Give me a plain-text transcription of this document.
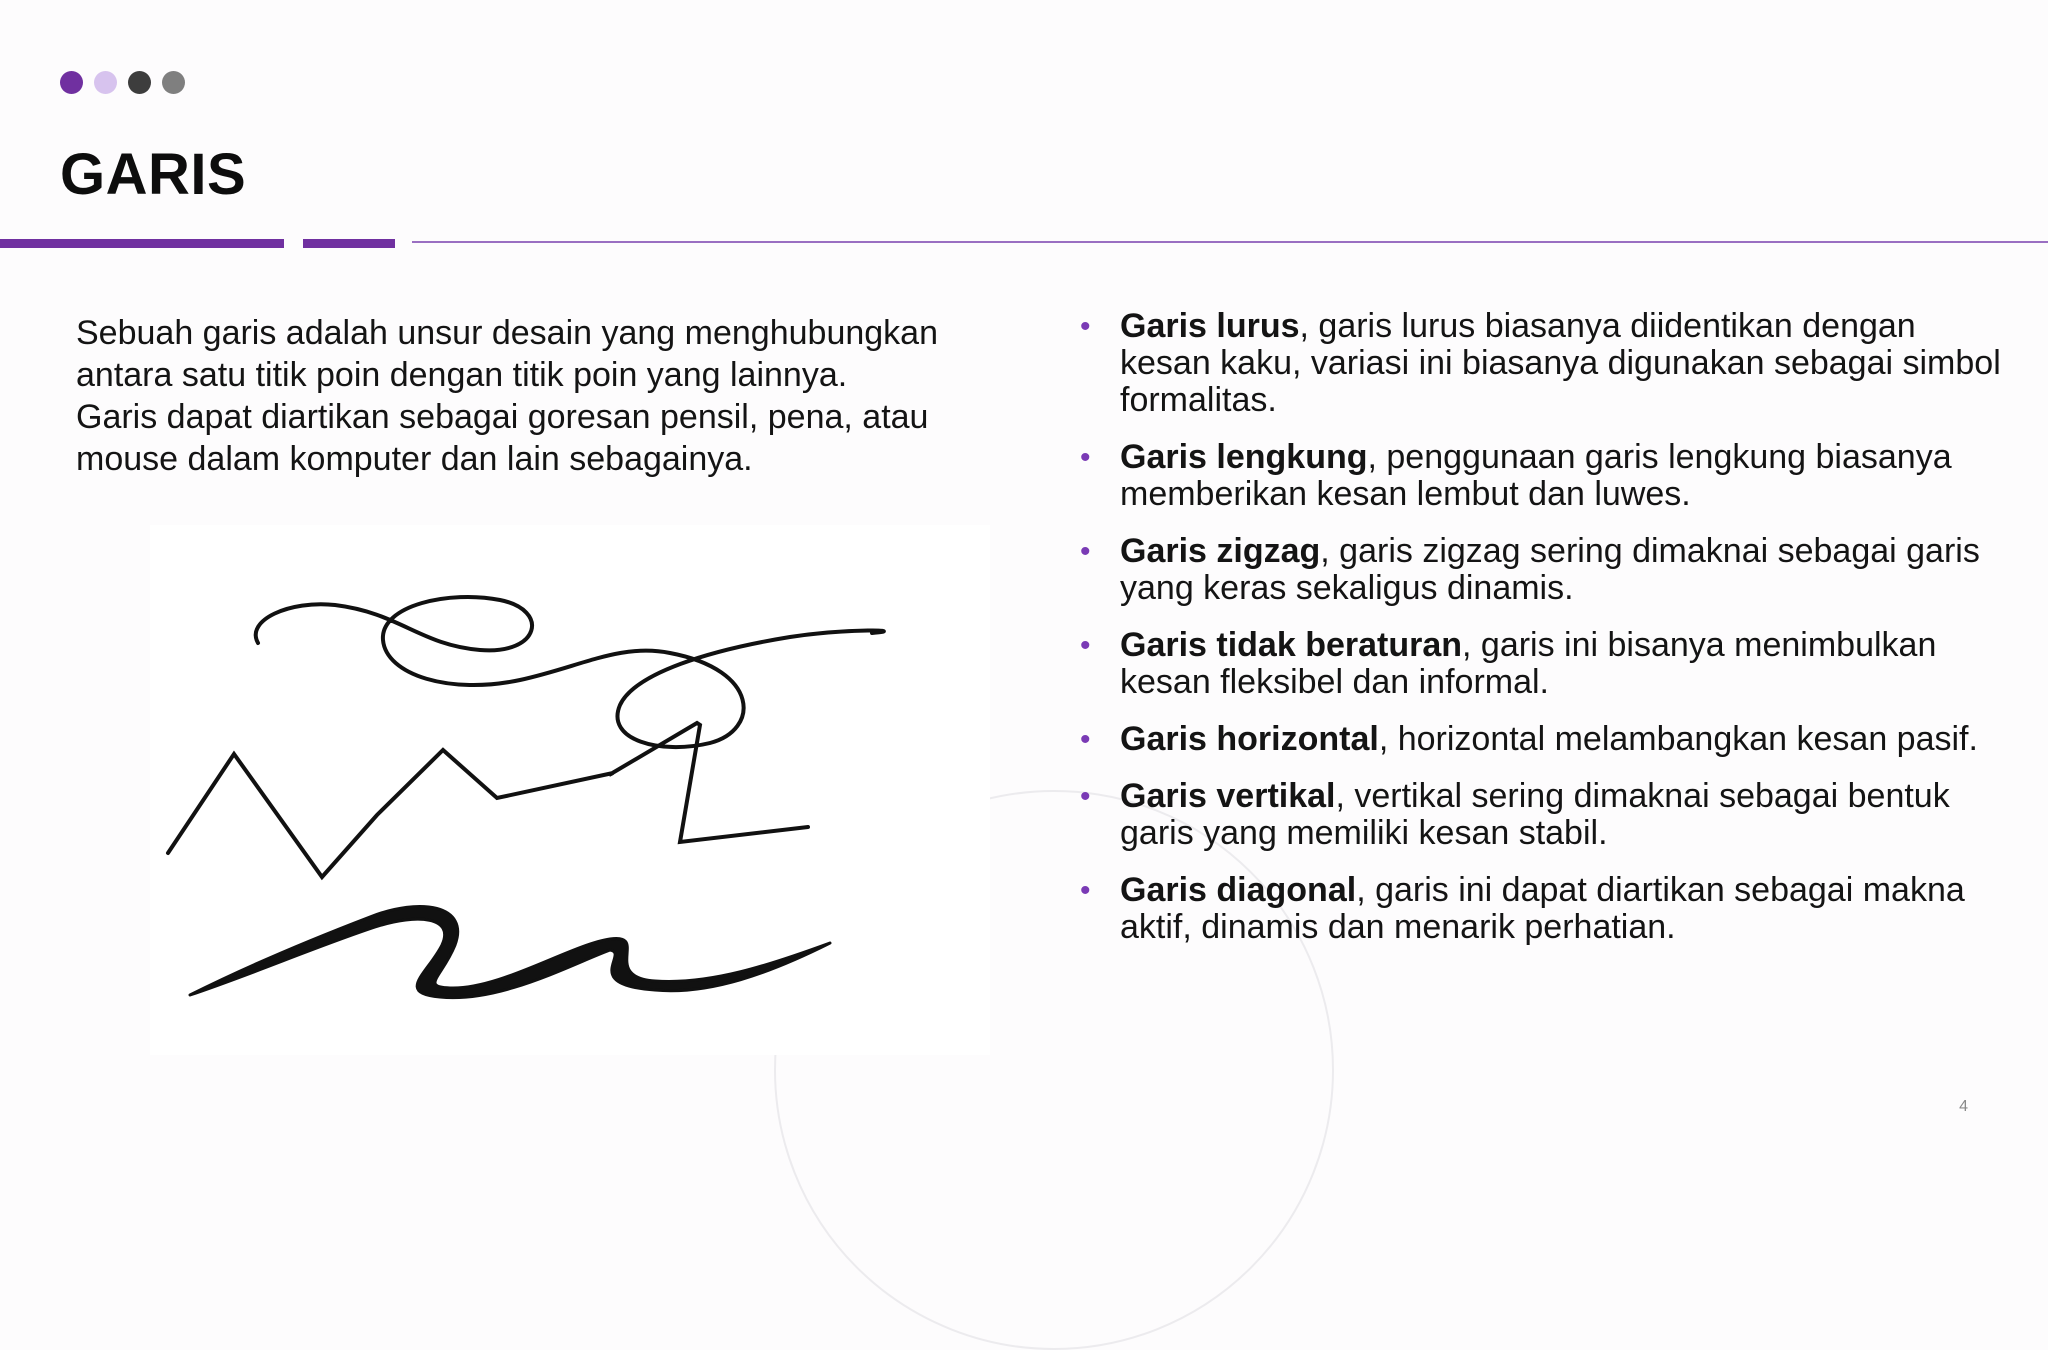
GARIS
Sebuah garis adalah unsur desain yang menghubungkan
antara satu titik poin dengan titik poin yang lainnya.
Garis dapat diartikan sebagai goresan pensil, pena, atau
mouse dalam komputer dan lain sebagainya.
• Garis lurus, garis lurus biasanya diidentikan dengan kesan kaku, variasi ini biasanya digunakan sebagai simbol formalitas.
• Garis lengkung, penggunaan garis lengkung biasanya memberikan kesan lembut dan luwes.
• Garis zigzag, garis zigzag sering dimaknai sebagai garis yang keras sekaligus dinamis.
• Garis tidak beraturan, garis ini bisanya menimbulkan kesan fleksibel dan informal.
• Garis horizontal, horizontal melambangkan kesan pasif.
• Garis vertikal, vertikal sering dimaknai sebagai bentuk garis yang memiliki kesan stabil.
• Garis diagonal, garis ini dapat diartikan sebagai makna aktif, dinamis dan menarik perhatian.
4
